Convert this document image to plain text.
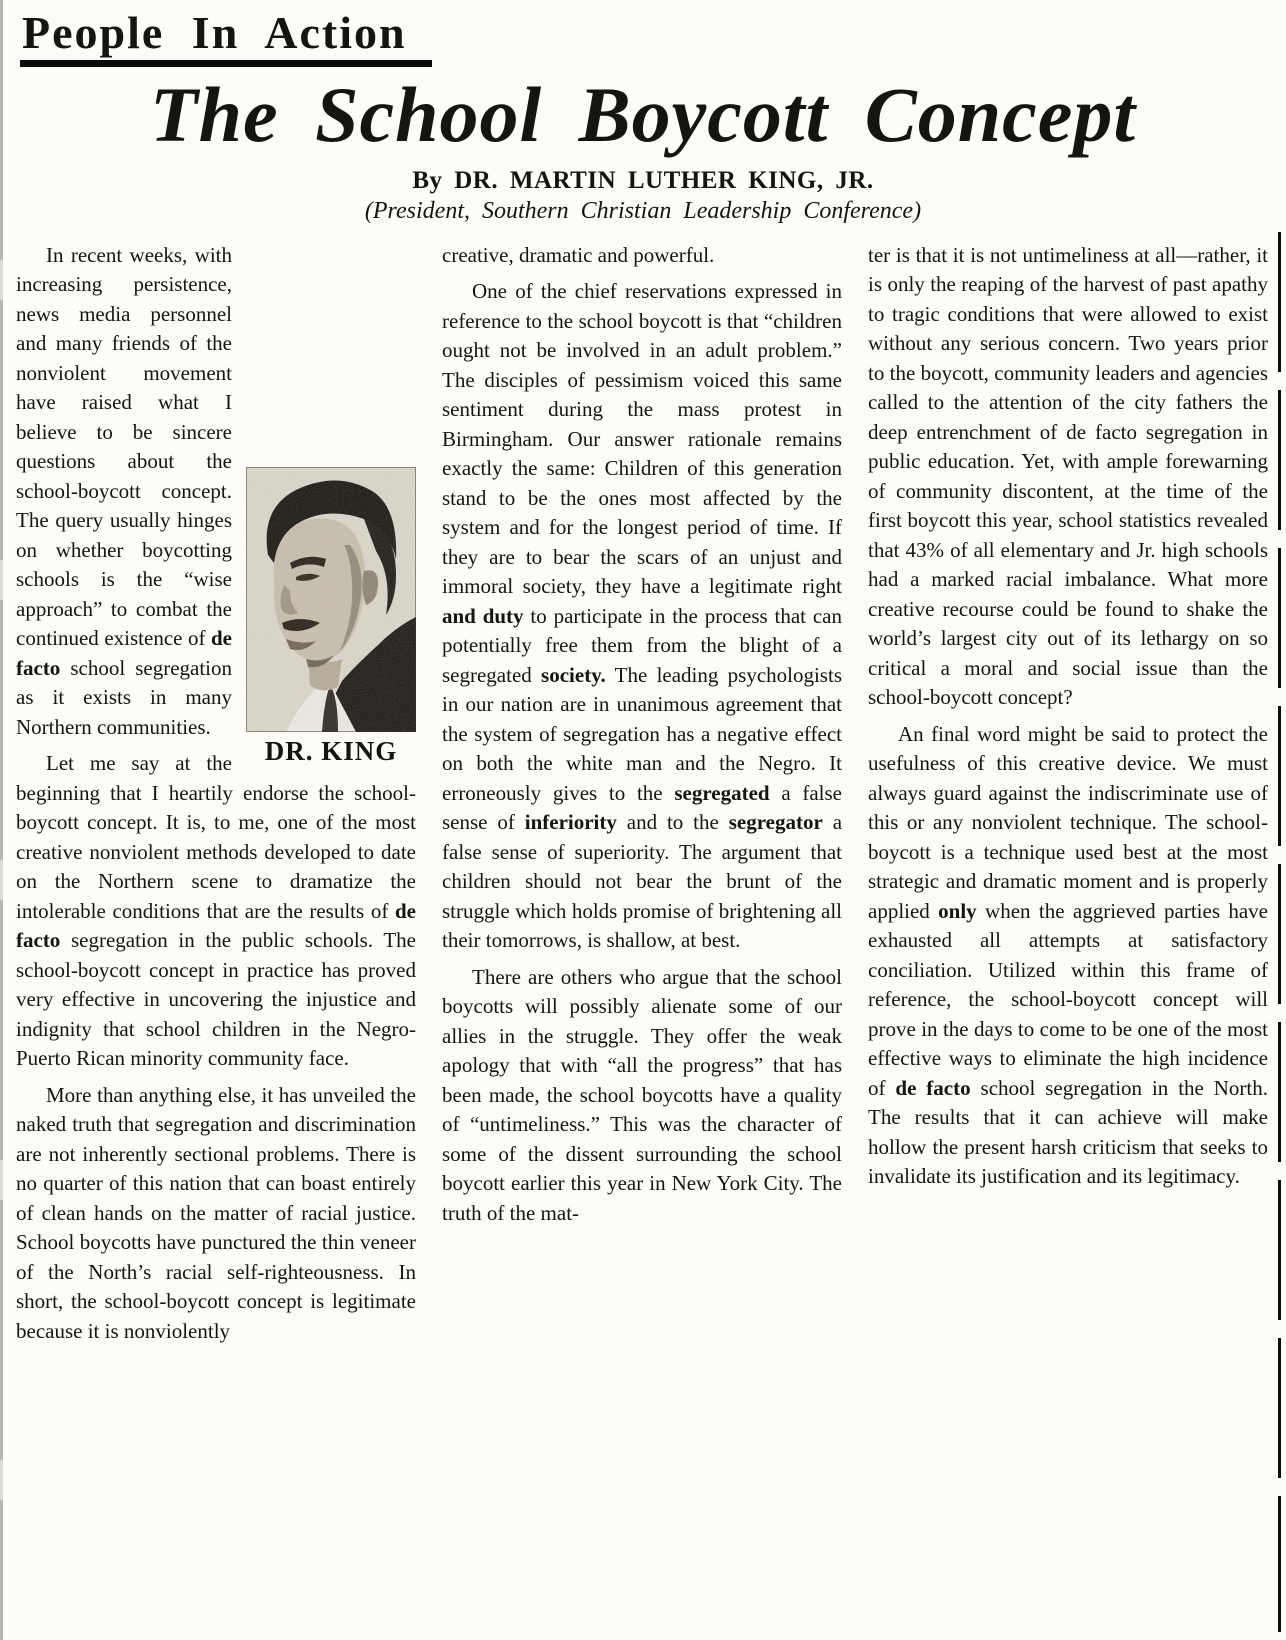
People In Action
The School Boycott Concept
By DR. MARTIN LUTHER KING, JR.
(President, Southern Christian Leadership Conference)
DR. KING

In recent weeks, with increasing persistence, news media personnel and many friends of the nonviolent movement have raised what I believe to be sincere questions about the school-boycott concept. The query usually hinges on whether boycotting schools is the “wise approach” to combat the continued existence of de facto school segregation as it exists in many Northern communities.

Let me say at the beginning that I heartily endorse the school-boycott concept. It is, to me, one of the most creative nonviolent methods developed to date on the Northern scene to dramatize the intolerable conditions that are the results of de facto segregation in the public schools. The school-boycott concept in practice has proved very effective in uncovering the injustice and indignity that school children in the Negro-Puerto Rican minority community face.

More than anything else, it has unveiled the naked truth that segregation and discrimination are not inherently sectional problems. There is no quarter of this nation that can boast entirely of clean hands on the matter of racial justice. School boycotts have punctured the thin veneer of the North’s racial self-righteousness. In short, the school-boycott concept is legitimate because it is nonviolently

creative, dramatic and powerful.

One of the chief reservations expressed in reference to the school boycott is that “children ought not be involved in an adult problem.” The disciples of pessimism voiced this same sentiment during the mass protest in Birmingham. Our answer rationale remains exactly the same: Children of this generation stand to be the ones most affected by the system and for the longest period of time. If they are to bear the scars of an unjust and immoral society, they have a legitimate right and duty to participate in the process that can potentially free them from the blight of a segregated society. The leading psychologists in our nation are in unanimous agreement that the system of segregation has a negative effect on both the white man and the Negro. It erroneously gives to the segregated a false sense of inferiority and to the segregator a false sense of superiority. The argument that children should not bear the brunt of the struggle which holds promise of brightening all their tomorrows, is shallow, at best.

There are others who argue that the school boycotts will possibly alienate some of our allies in the struggle. They offer the weak apology that with “all the progress” that has been made, the school boycotts have a quality of “untimeliness.” This was the character of some of the dissent surrounding the school boycott earlier this year in New York City. The truth of the mat-

ter is that it is not untimeliness at all—rather, it is only the reaping of the harvest of past apathy to tragic conditions that were allowed to exist without any serious concern. Two years prior to the boycott, community leaders and agencies called to the attention of the city fathers the deep entrenchment of de facto segregation in public education. Yet, with ample forewarning of community discontent, at the time of the first boycott this year, school statistics revealed that 43% of all elementary and Jr. high schools had a marked racial imbalance. What more creative recourse could be found to shake the world’s largest city out of its lethargy on so critical a moral and social issue than the school-boycott concept?

An final word might be said to protect the usefulness of this creative device. We must always guard against the indiscriminate use of this or any nonviolent technique. The school-boycott is a technique used best at the most strategic and dramatic moment and is properly applied only when the aggrieved parties have exhausted all attempts at satisfactory conciliation. Utilized within this frame of reference, the school-boycott concept will prove in the days to come to be one of the most effective ways to eliminate the high incidence of de facto school segregation in the North. The results that it can achieve will make hollow the present harsh criticism that seeks to invalidate its justification and its legitimacy.
